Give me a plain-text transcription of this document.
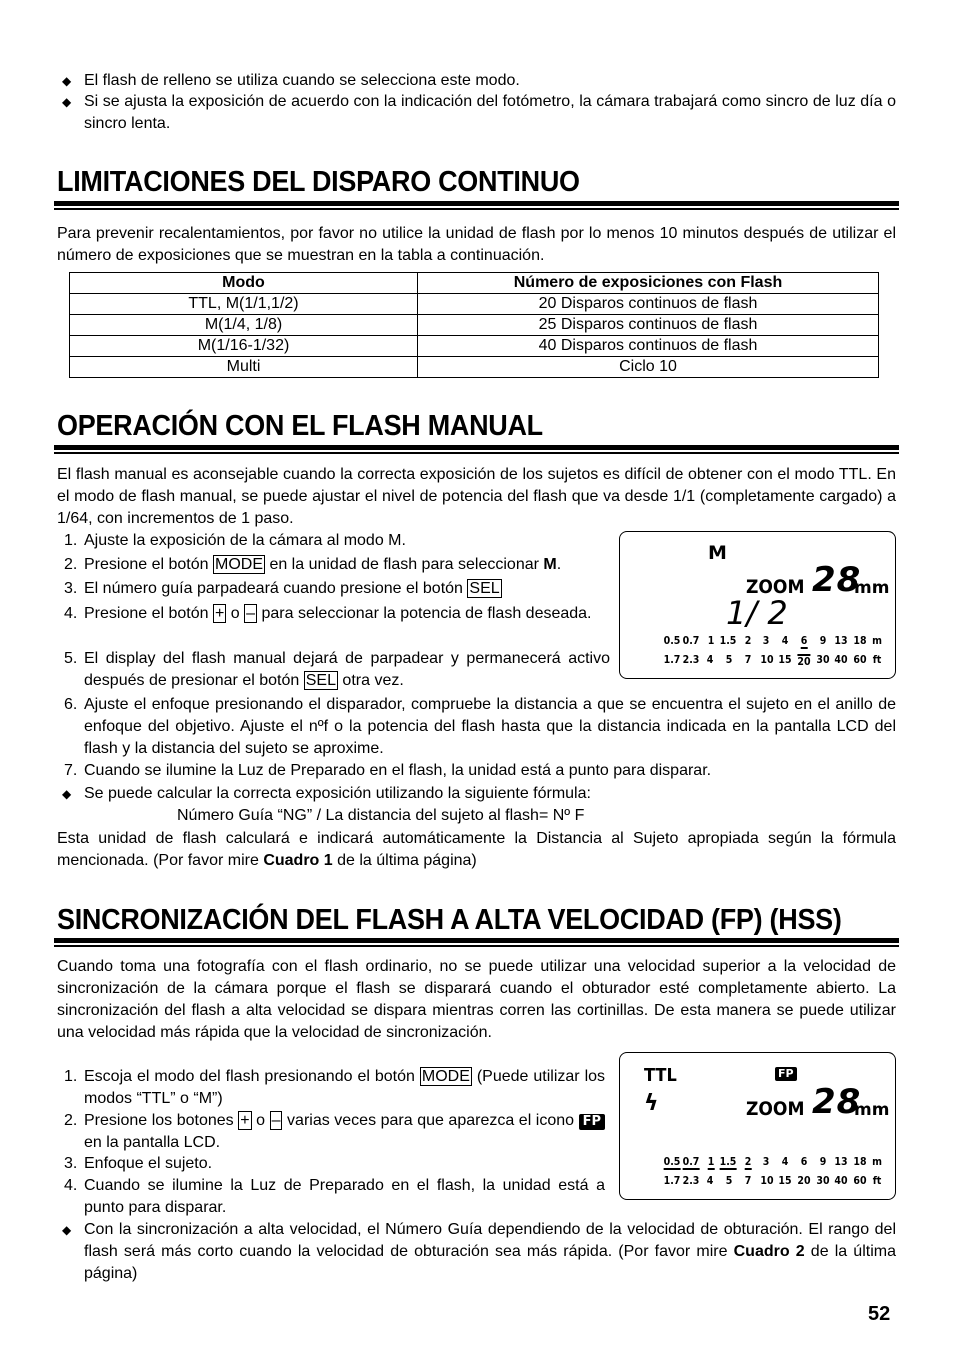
◆ El flash de relleno se utiliza cuando se selecciona este modo.
◆ Si se ajusta la exposición de acuerdo con la indicación del fotómetro, la cámara trabajará como sincro de luz día o sincro lenta.
LIMITACIONES DEL DISPARO CONTINUO
Para prevenir recalentamientos, por favor no utilice la unidad de flash por lo menos 10 minutos después de utilizar el número de exposiciones que se muestran en la tabla a continuación.
Modo	Número de exposiciones con Flash
TTL, M(1/1,1/2)	20 Disparos continuos de flash
M(1/4, 1/8)	25 Disparos continuos de flash
M(1/16-1/32)	40 Disparos continuos de flash
Multi	Ciclo 10
OPERACIÓN CON EL FLASH MANUAL
El flash manual es aconsejable cuando la correcta exposición de los sujetos es difícil de obtener con el modo TTL. En el modo de flash manual, se puede ajustar el nivel de potencia del flash que va desde 1/1 (completamente cargado) a 1/64, con incrementos de 1 paso.
1. Ajuste la exposición de la cámara al modo M.
2. Presione el botón MODE en la unidad de flash para seleccionar M.
3. El número guía parpadeará cuando presione el botón SEL
4. Presione el botón + o – para seleccionar la potencia de flash deseada.
5. El display del flash manual dejará de parpadear y permanecerá activo después de presionar el botón SEL otra vez.
M
ZOOM 28
mm
1/ 2
0.5 0.7 1 1.5 2 3 4 6 9 13 18 m
1.7 2.3 4 5 7 10 15 20 30 40 60 ft
6. Ajuste el enfoque presionando el disparador, compruebe la distancia a que se encuentra el sujeto en el anillo de enfoque del objetivo. Ajuste el nºf o la potencia del flash hasta que la distancia indicada en la pantalla LCD del flash y la distancia del sujeto se aproxime.
7. Cuando se ilumine la Luz de Preparado en el flash, la unidad está a punto para disparar.
◆ Se puede calcular la correcta exposición utilizando la siguiente fórmula:
Número Guía “NG” / La distancia del sujeto al flash= Nº F
Esta unidad de flash calculará e indicará automáticamente la Distancia al Sujeto apropiada según la fórmula mencionada. (Por favor mire Cuadro 1 de la última página)
SINCRONIZACIÓN DEL FLASH A ALTA VELOCIDAD (FP) (HSS)
Cuando toma una fotografía con el flash ordinario, no se puede utilizar una velocidad superior a la velocidad de sincronización de la cámara porque el flash se disparará cuando el obturador esté completamente abierto. La sincronización del flash a alta velocidad se dispara mientras corren las cortinillas. De esta manera se puede utilizar una velocidad más rápida que la velocidad de sincronización.
1. Escoja el modo del flash presionando el botón MODE (Puede utilizar los modos “TTL” o “M”)
2. Presione los botones + o – varias veces para que aparezca el icono FP en la pantalla LCD.
3. Enfoque el sujeto.
4. Cuando se ilumine la Luz de Preparado en el flash, la unidad está a punto para disparar.
TTL
ϟ
FP
ZOOM 28
mm
0.5 0.7 1 1.5 2 3 4 6 9 13 18 m
1.7 2.3 4 5 7 10 15 20 30 40 60 ft
◆ Con la sincronización a alta velocidad, el Número Guía dependiendo de la velocidad de obturación. El rango del flash será más corto cuando la velocidad de obturación sea más rápida. (Por favor mire Cuadro 2 de la última página)
52
